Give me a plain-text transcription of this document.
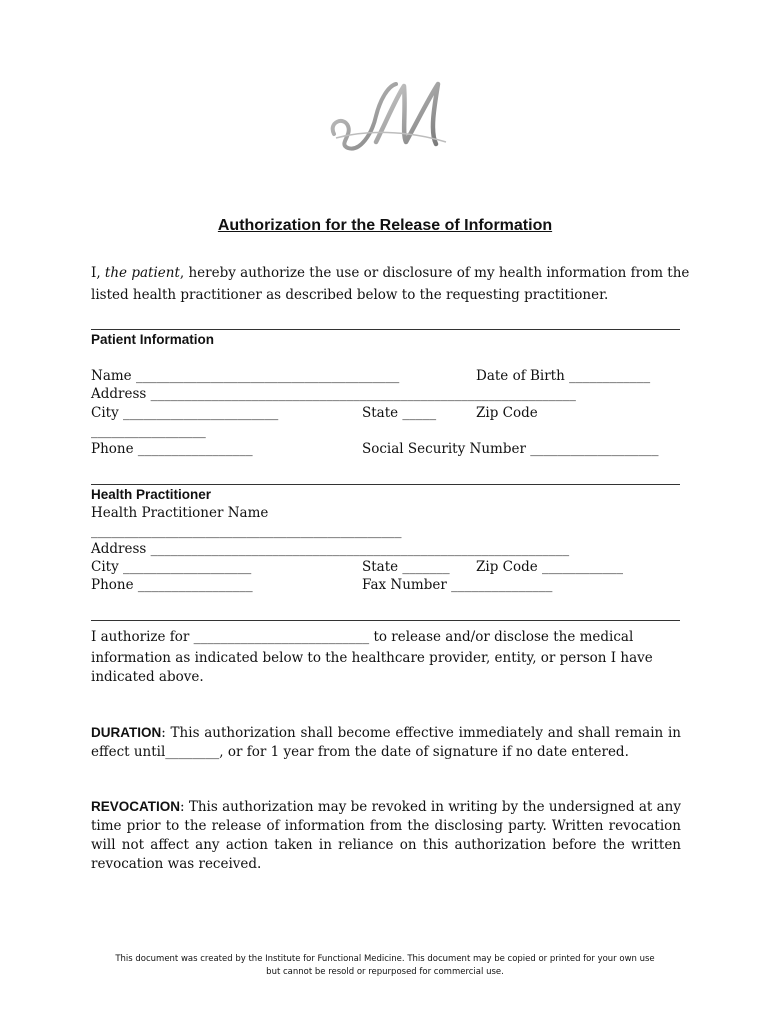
Authorization for the Release of Information
I, the patient, hereby authorize the use or disclosure of my health information from the listed health practitioner as described below to the requesting practitioner.
Patient Information
Name _______________________________________	Date of Birth ____________
Address _______________________________________________________________
City _______________________	State _____	Zip Code
_________________
Phone _________________	Social Security Number ___________________
Health Practitioner
Health Practitioner Name
______________________________________________
Address ______________________________________________________________
City ___________________	State _______ Zip Code ____________
Phone _________________	Fax Number _______________
I authorize for __________________________ to release and/or disclose the medical
information as indicated below to the healthcare provider, entity, or person I have indicated above.
DURATION: This authorization shall become effective immediately and shall remain in effect until________, or for 1 year from the date of signature if no date entered.
REVOCATION: This authorization may be revoked in writing by the undersigned at any time prior to the release of information from the disclosing party. Written revocation will not affect any action taken in reliance on this authorization before the written revocation was received.
This document was created by the Institute for Functional Medicine. This document may be copied or printed for your own use
but cannot be resold or repurposed for commercial use.
